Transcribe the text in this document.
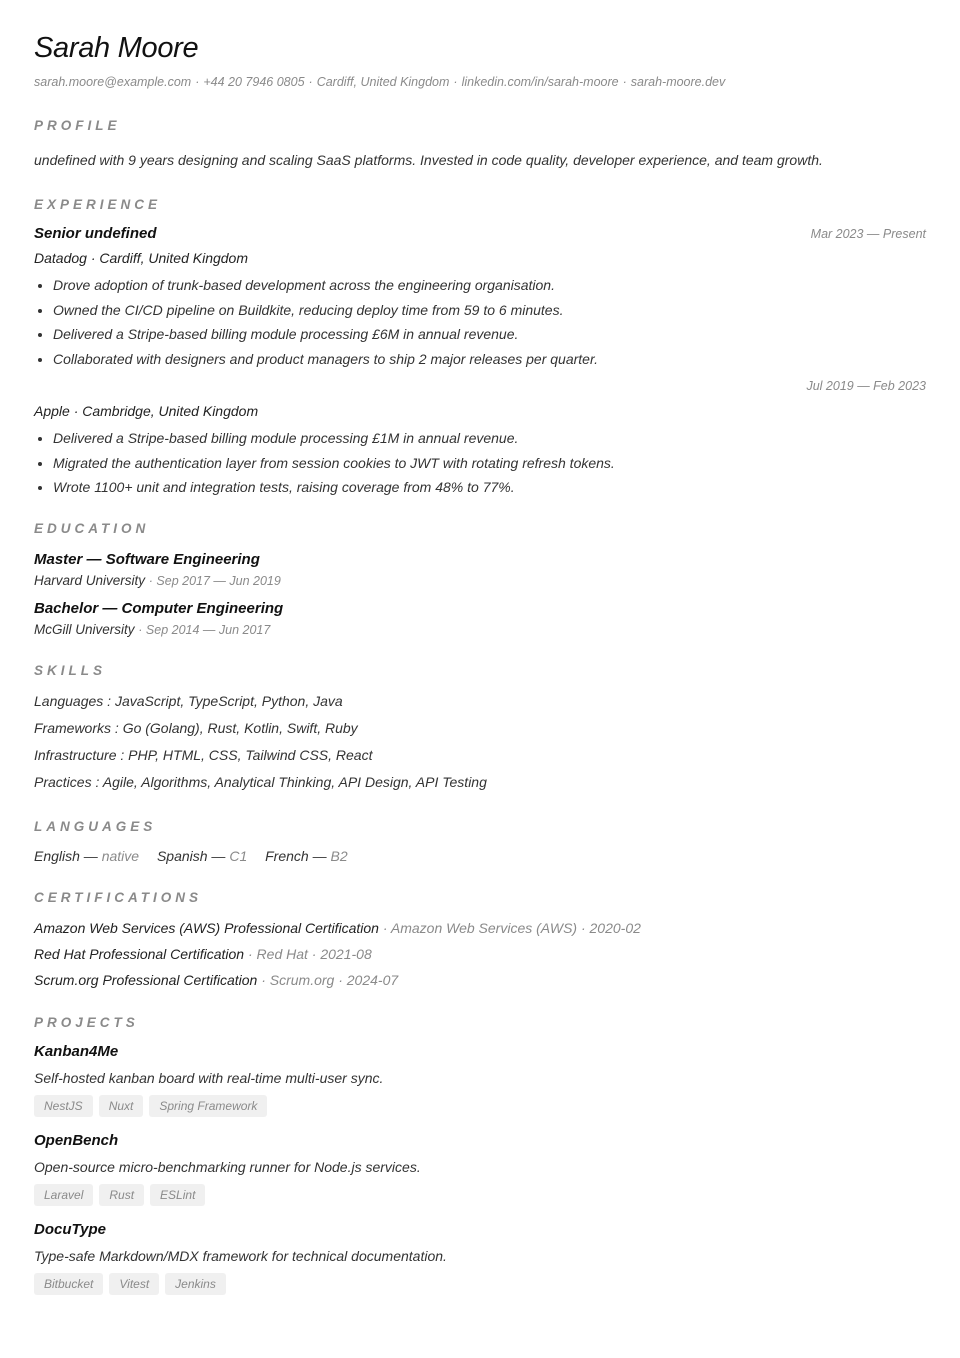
Sarah Moore
sarah.moore@example.com · +44 20 7946 0805 · Cardiff, United Kingdom · linkedin.com/in/sarah-moore · sarah-moore.dev
PROFILE
undefined with 9 years designing and scaling SaaS platforms. Invested in code quality, developer experience, and team growth.
EXPERIENCE
Senior undefined	Mar 2023 — Present
Datadog · Cardiff, United Kingdom
• Drove adoption of trunk-based development across the engineering organisation.
• Owned the CI/CD pipeline on Buildkite, reducing deploy time from 59 to 6 minutes.
• Delivered a Stripe-based billing module processing £6M in annual revenue.
• Collaborated with designers and product managers to ship 2 major releases per quarter.
Jul 2019 — Feb 2023
Apple · Cambridge, United Kingdom
• Delivered a Stripe-based billing module processing £1M in annual revenue.
• Migrated the authentication layer from session cookies to JWT with rotating refresh tokens.
• Wrote 1100+ unit and integration tests, raising coverage from 48% to 77%.
EDUCATION
Master — Software Engineering
Harvard University · Sep 2017 — Jun 2019
Bachelor — Computer Engineering
McGill University · Sep 2014 — Jun 2017
SKILLS
Languages : JavaScript, TypeScript, Python, Java
Frameworks : Go (Golang), Rust, Kotlin, Swift, Ruby
Infrastructure : PHP, HTML, CSS, Tailwind CSS, React
Practices : Agile, Algorithms, Analytical Thinking, API Design, API Testing
LANGUAGES
English — native Spanish — C1 French — B2
CERTIFICATIONS
Amazon Web Services (AWS) Professional Certification · Amazon Web Services (AWS) · 2020-02
Red Hat Professional Certification · Red Hat · 2021-08
Scrum.org Professional Certification · Scrum.org · 2024-07
PROJECTS
Kanban4Me
Self-hosted kanban board with real-time multi-user sync.
NestJS	Nuxt	Spring Framework
OpenBench
Open-source micro-benchmarking runner for Node.js services.
Laravel	Rust	ESLint
DocuType
Type-safe Markdown/MDX framework for technical documentation.
Bitbucket	Vitest	Jenkins
